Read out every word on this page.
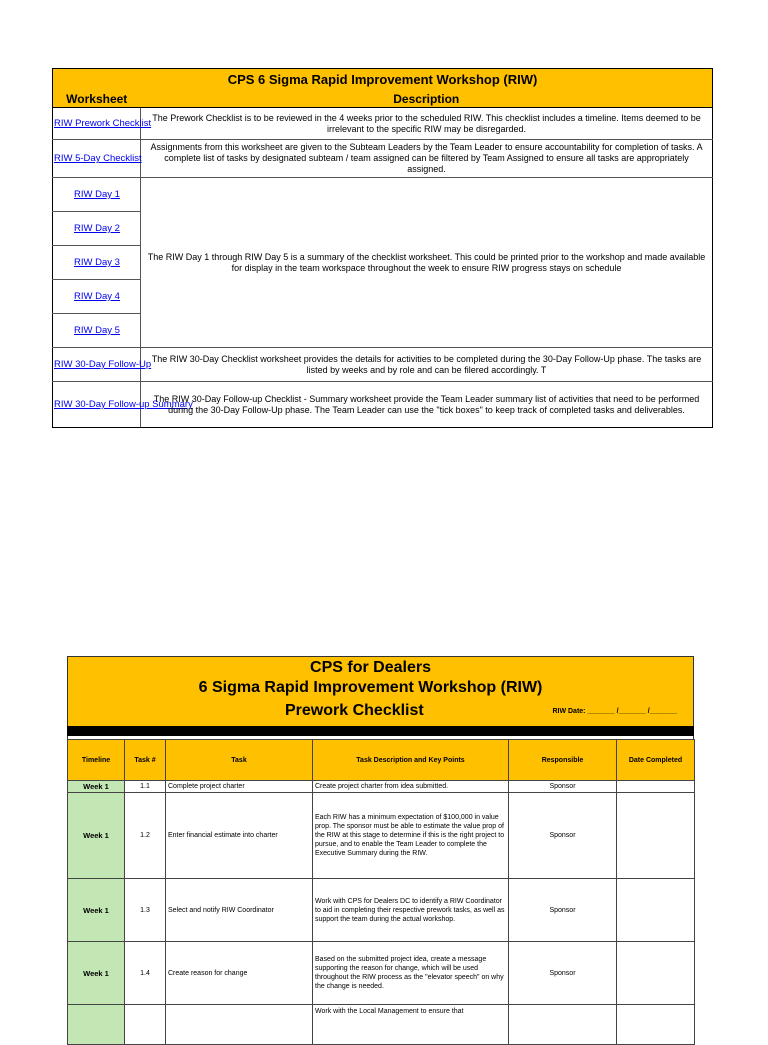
CPS 6 Sigma Rapid Improvement Workshop (RIW)	

Worksheet	Description
RIW Prework Checklist	The Prework Checklist is to be reviewed in the 4 weeks prior to the scheduled RIW. This checklist includes a timeline. Items deemed to be irrelevant to the specific RIW may be disregarded.
RIW 5-Day Checklist	Assignments from this worksheet are given to the Subteam Leaders by the Team Leader to ensure accountability for completion of tasks. A complete list of tasks by designated subteam / team assigned can be filtered by Team Assigned to ensure all tasks are appropriately assigned.
RIW Day 1	The RIW Day 1 through RIW Day 5 is a summary of the checklist worksheet. This could be printed prior to the workshop and made available for display in the team workspace throughout the week to ensure RIW progress stays on schedule
RIW Day 2	
RIW Day 3	
RIW Day 4	
RIW Day 5	
RIW 30-Day Follow-Up	The RIW 30-Day Checklist worksheet provides the details for activities to be completed during the 30-Day Follow-Up phase. The tasks are listed by weeks and by role and can be filered accordingly. T
RIW 30-Day Follow-up Summary	The RIW 30-Day Follow-up Checklist - Summary worksheet provide the Team Leader summary list of activities that need to be performed during the 30-Day Follow-Up phase. The Team Leader can use the "tick boxes" to keep track of completed tasks and deliverables.
CPS for Dealers
6 Sigma Rapid Improvement Workshop (RIW)
Prework Checklist	RIW Date: _______ /_______ /_______
Timeline	Task #	Task	Task Description and Key Points	Responsible	Date Completed
Week 1	1.1	Complete project charter	Create project charter from idea submitted.	Sponsor	
Week 1	1.2	Enter financial estimate into charter	Each RIW has a minimum expectation of $100,000 in value prop. The sponsor must be able to estimate the value prop of the RIW at this stage to determine if this is the right project to pursue, and to enable the Team Leader to complete the Executive Summary during the RIW.	Sponsor	
Week 1	1.3	Select and notify RIW Coordinator	Work with CPS for Dealers DC to identify a RIW Coordinator to aid in completing their respective prework tasks, as well as support the team during the actual workshop.	Sponsor	
Week 1	1.4	Create reason for change	Based on the submitted project idea, create a message supporting the reason for change, which will be used throughout the RIW process as the "elevator speech" on why the change is needed.	Sponsor	
			Work with the Local Management to ensure that		
